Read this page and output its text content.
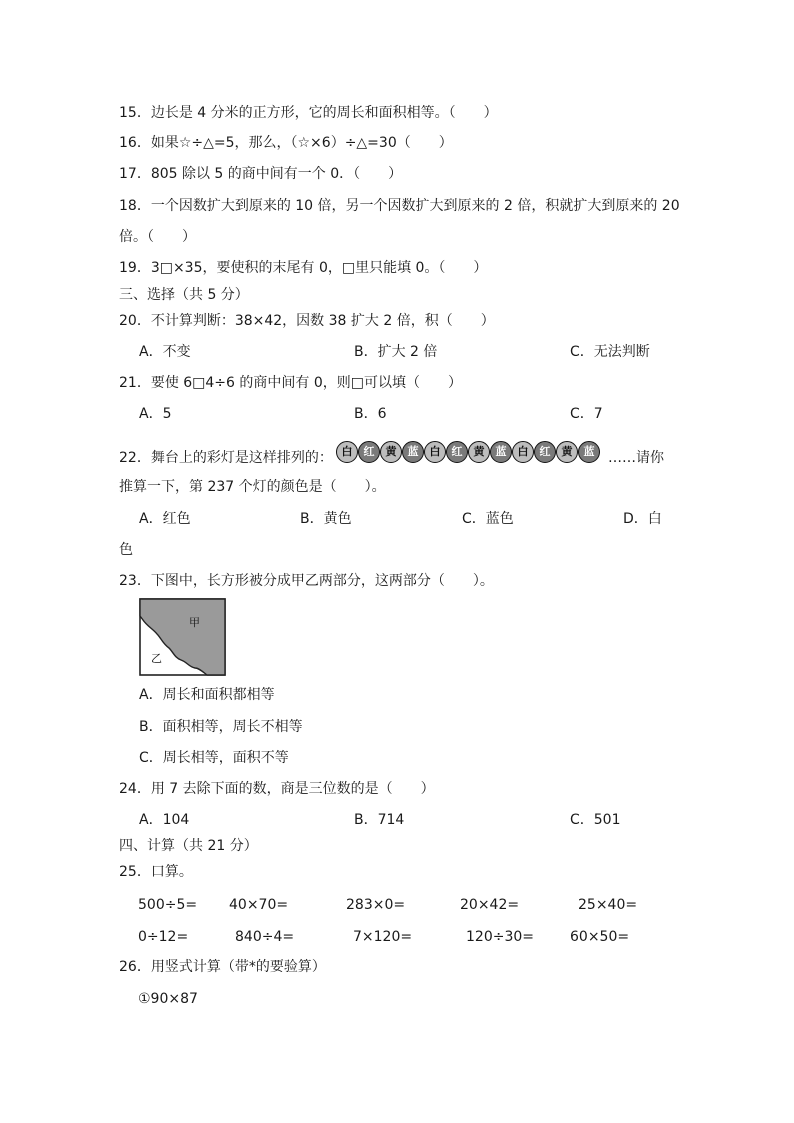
15．边长是 4 分米的正方形，它的周长和面积相等。（　　）
16．如果☆÷△=5，那么，（☆×6）÷△=30（　　）
17．805 除以 5 的商中间有一个 0．（　　）
18．一个因数扩大到原来的 10 倍，另一个因数扩大到原来的 2 倍，积就扩大到原来的 20
倍。（　　）
19．3□×35，要使积的末尾有 0，□里只能填 0。（　　）
三、选择（共 5 分）
20．不计算判断：38×42，因数 38 扩大 2 倍，积（　　）
A．不变	B．扩大 2 倍	C．无法判断
21．要使 6□4÷6 的商中间有 0，则□可以填（　　）
A．5	B．6	C．7
22．舞台上的彩灯是这样排列的： 白	红	黄	蓝	白	红	黄	蓝	白	红	黄	蓝 ……请你
推算一下，第 237 个灯的颜色是（　　）。
A．红色	B．黄色	C．蓝色	D．白
色
23．下图中，长方形被分成甲乙两部分，这两部分（　　）。
甲
乙
A．周长和面积都相等
B．面积相等，周长不相等
C．周长相等，面积不等
24．用 7 去除下面的数，商是三位数的是（　　）
A．104	B．714	C．501
四、计算（共 21 分）
25．口算。
500÷5= 40×70=	283×0=	20×42=	25×40=
0÷12=	840÷4=	7×120=	120÷30=	60×50=
26．用竖式计算（带*的要验算）
①90×87
